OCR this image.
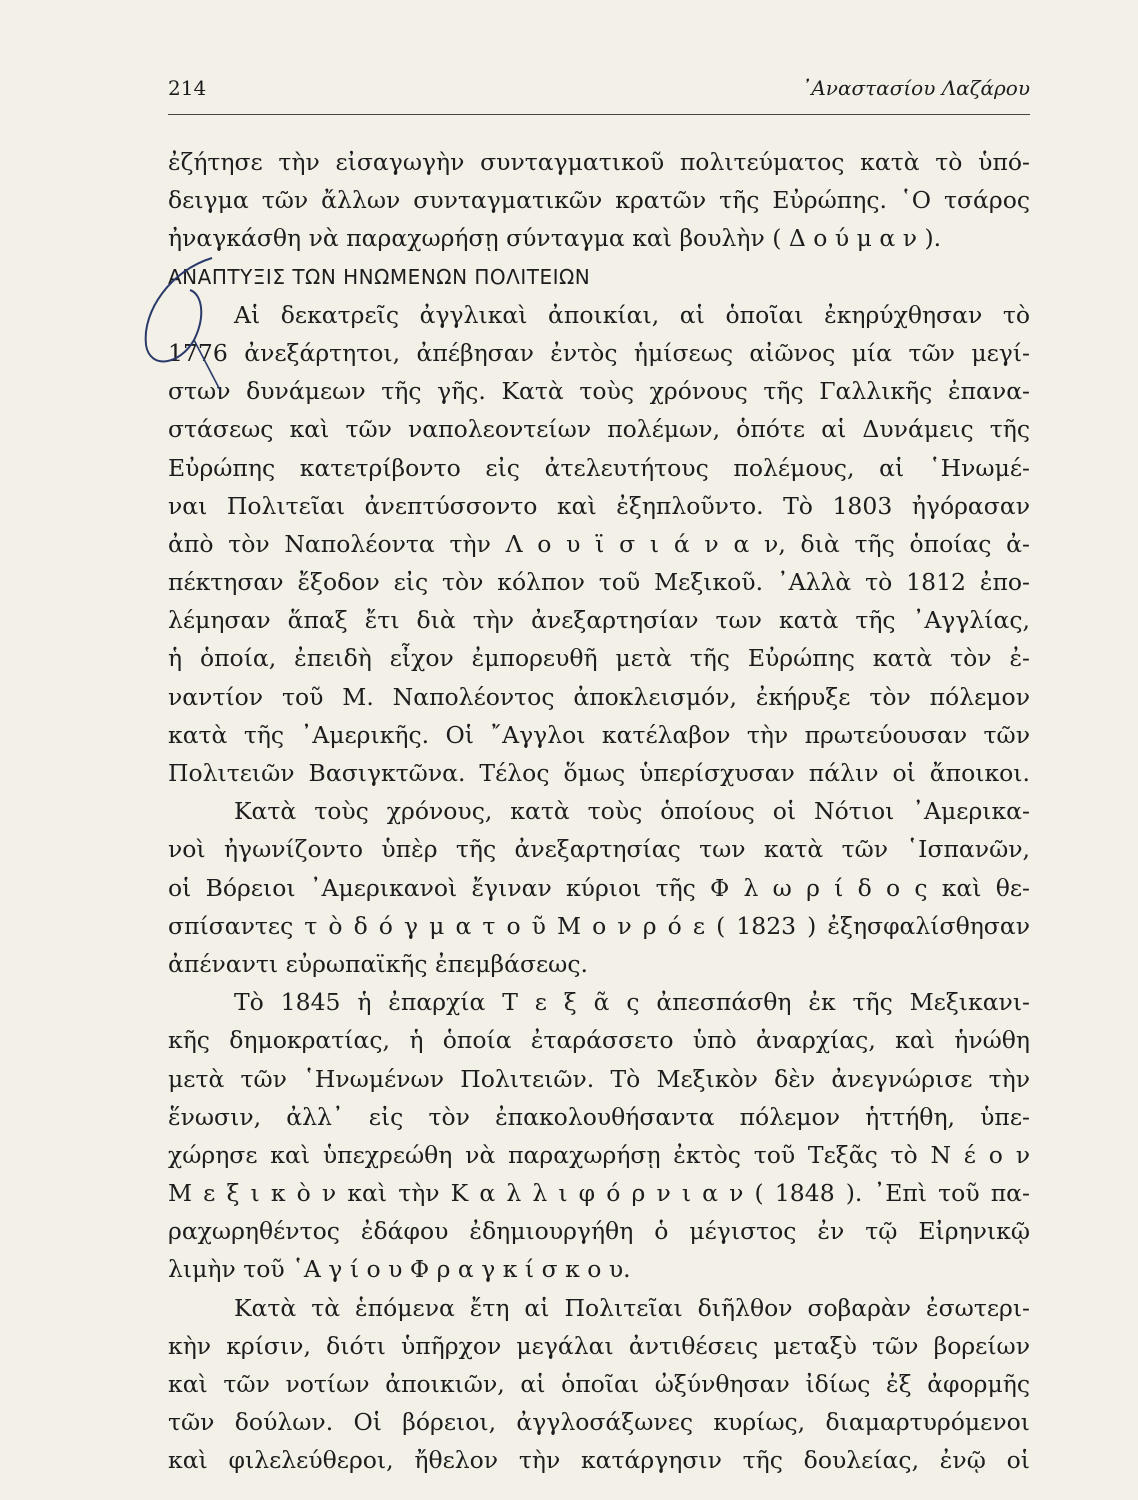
214	᾿Αναστασίου Λαζάρου
ἐζήτησε τὴν εἰσαγωγὴν συνταγματικοῦ πολιτεύματος κατὰ τὸ ὑπό-
δειγμα τῶν ἄλλων συνταγματικῶν κρατῶν τῆς Εὐρώπης. ῾Ο τσάρος
ἠναγκάσθη νὰ παραχωρήσῃ σύνταγμα καὶ βουλὴν ( Δ ο ύ μ α ν ).
ΑΝΑΠΤΥΞΙΣ ΤΩΝ ΗΝΩΜΕΝΩΝ ΠΟΛΙΤΕΙΩΝ
Αἱ δεκατρεῖς ἀγγλικαὶ ἀποικίαι, αἱ ὁποῖαι ἐκηρύχθησαν τὸ
1776 ἀνεξάρτητοι, ἀπέβησαν ἐντὸς ἡμίσεως αἰῶνος μία τῶν μεγί-
στων δυνάμεων τῆς γῆς. Κατὰ τοὺς χρόνους τῆς Γαλλικῆς ἐπανα-
στάσεως καὶ τῶν ναπολεοντείων πολέμων, ὁπότε αἱ Δυνάμεις τῆς
Εὐρώπης κατετρίβοντο εἰς ἀτελευτήτους πολέμους, αἱ ῾Ηνωμέ-
ναι Πολιτεῖαι ἀνεπτύσσοντο καὶ ἐξηπλοῦντο. Τὸ 1803 ἠγόρασαν
ἀπὸ τὸν Ναπολέοντα τὴν Λ ο υ ϊ σ ι ά ν α ν, διὰ τῆς ὁποίας ἀ-
πέκτησαν ἔξοδον εἰς τὸν κόλπον τοῦ Μεξικοῦ. ᾿Αλλὰ τὸ 1812 ἐπο-
λέμησαν ἅπαξ ἔτι διὰ τὴν ἀνεξαρτησίαν των κατὰ τῆς ᾿Αγγλίας,
ἡ ὁποία, ἐπειδὴ εἶχον ἐμπορευθῆ μετὰ τῆς Εὐρώπης κατὰ τὸν ἐ-
ναντίον τοῦ Μ. Ναπολέοντος ἀποκλεισμόν, ἐκήρυξε τὸν πόλεμον
κατὰ τῆς ᾿Αμερικῆς. Οἱ ῎Αγγλοι κατέλαβον τὴν πρωτεύουσαν τῶν
Πολιτειῶν Βασιγκτῶνα. Τέλος ὅμως ὑπερίσχυσαν πάλιν οἱ ἄποικοι.
Κατὰ τοὺς χρόνους, κατὰ τοὺς ὁποίους οἱ Νότιοι ᾿Αμερικα-
νοὶ ἠγωνίζοντο ὑπὲρ τῆς ἀνεξαρτησίας των κατὰ τῶν ῾Ισπανῶν,
οἱ Βόρειοι ᾿Αμερικανοὶ ἔγιναν κύριοι τῆς Φ λ ω ρ ί δ ο ς καὶ θε-
σπίσαντες τ ὸ δ ό γ μ α τ ο ῦ Μ ο ν ρ ό ε ( 1823 ) ἐξησφαλίσθησαν
ἀπέναντι εὐρωπαϊκῆς ἐπεμβάσεως.
Τὸ 1845 ἡ ἐπαρχία Τ ε ξ ᾶ ς ἀπεσπάσθη ἐκ τῆς Μεξικανι-
κῆς δημοκρατίας, ἡ ὁποία ἐταράσσετο ὑπὸ ἀναρχίας, καὶ ἡνώθη
μετὰ τῶν ῾Ηνωμένων Πολιτειῶν. Τὸ Μεξικὸν δὲν ἀνεγνώρισε τὴν
ἕνωσιν, ἀλλ᾿ εἰς τὸν ἐπακολουθήσαντα πόλεμον ἡττήθη, ὑπε-
χώρησε καὶ ὑπεχρεώθη νὰ παραχωρήσῃ ἐκτὸς τοῦ Τεξᾶς τὸ Ν έ ο ν
Μ ε ξ ι κ ὸ ν καὶ τὴν Κ α λ λ ι φ ό ρ ν ι α ν ( 1848 ). ᾿Επὶ τοῦ πα-
ραχωρηθέντος ἐδάφου ἐδημιουργήθη ὁ μέγιστος ἐν τῷ Εἰρηνικῷ
λιμὴν τοῦ ῾Α γ ί ο υ Φ ρ α γ κ ί σ κ ο υ.
Κατὰ τὰ ἑπόμενα ἔτη αἱ Πολιτεῖαι διῆλθον σοβαρὰν ἐσωτερι-
κὴν κρίσιν, διότι ὑπῆρχον μεγάλαι ἀντιθέσεις μεταξὺ τῶν βορείων
καὶ τῶν νοτίων ἀποικιῶν, αἱ ὁποῖαι ὠξύνθησαν ἰδίως ἐξ ἀφορμῆς
τῶν δούλων. Οἱ βόρειοι, ἀγγλοσάξωνες κυρίως, διαμαρτυρόμενοι
καὶ φιλελεύθεροι, ἤθελον τὴν κατάργησιν τῆς δουλείας, ἐνῷ οἱ
